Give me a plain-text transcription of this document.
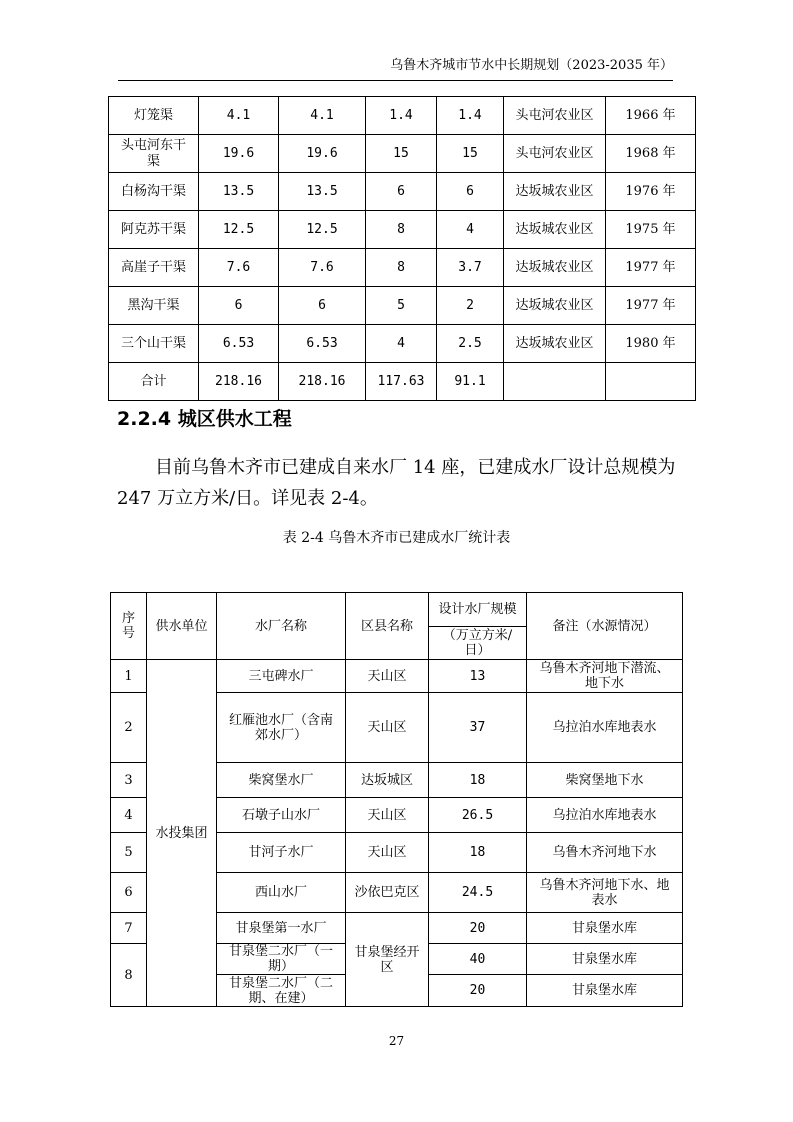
乌鲁木齐城市节水中长期规划（2023-2035 年）
灯笼渠	4.1	4.1	1.4	1.4	头屯河农业区	1966 年
头屯河东干渠	19.6	19.6	15	15	头屯河农业区	1968 年
白杨沟干渠	13.5	13.5	6	6	达坂城农业区	1976 年
阿克苏干渠	12.5	12.5	8	4	达坂城农业区	1975 年
高崖子干渠	7.6	7.6	8	3.7	达坂城农业区	1977 年
黑沟干渠	6	6	5	2	达坂城农业区	1977 年
三个山干渠	6.53	6.53	4	2.5	达坂城农业区	1980 年
合计	218.16	218.16	117.63	91.1		
2.2.4 城区供水工程
目前乌鲁木齐市已建成自来水厂 14 座，已建成水厂设计总规模为 247 万立方米/日。详见表 2-4。
表 2-4 乌鲁木齐市已建成水厂统计表
序号	供水单位	水厂名称	区县名称	设计水厂规模	备注（水源情况）
				（万立方米/日）	
1	水投集团	三屯碑水厂	天山区	13	乌鲁木齐河地下潜流、地下水
2		红雁池水厂（含南郊水厂）	天山区	37	乌拉泊水库地表水
3		柴窝堡水厂	达坂城区	18	柴窝堡地下水
4		石墩子山水厂	天山区	26.5	乌拉泊水库地表水
5		甘河子水厂	天山区	18	乌鲁木齐河地下水
6		西山水厂	沙依巴克区	24.5	乌鲁木齐河地下水、地表水
7		甘泉堡第一水厂	甘泉堡经开区	20	甘泉堡水库
8		甘泉堡二水厂（一期）		40	甘泉堡水库
		甘泉堡二水厂（二期、在建）		20	甘泉堡水库
27
